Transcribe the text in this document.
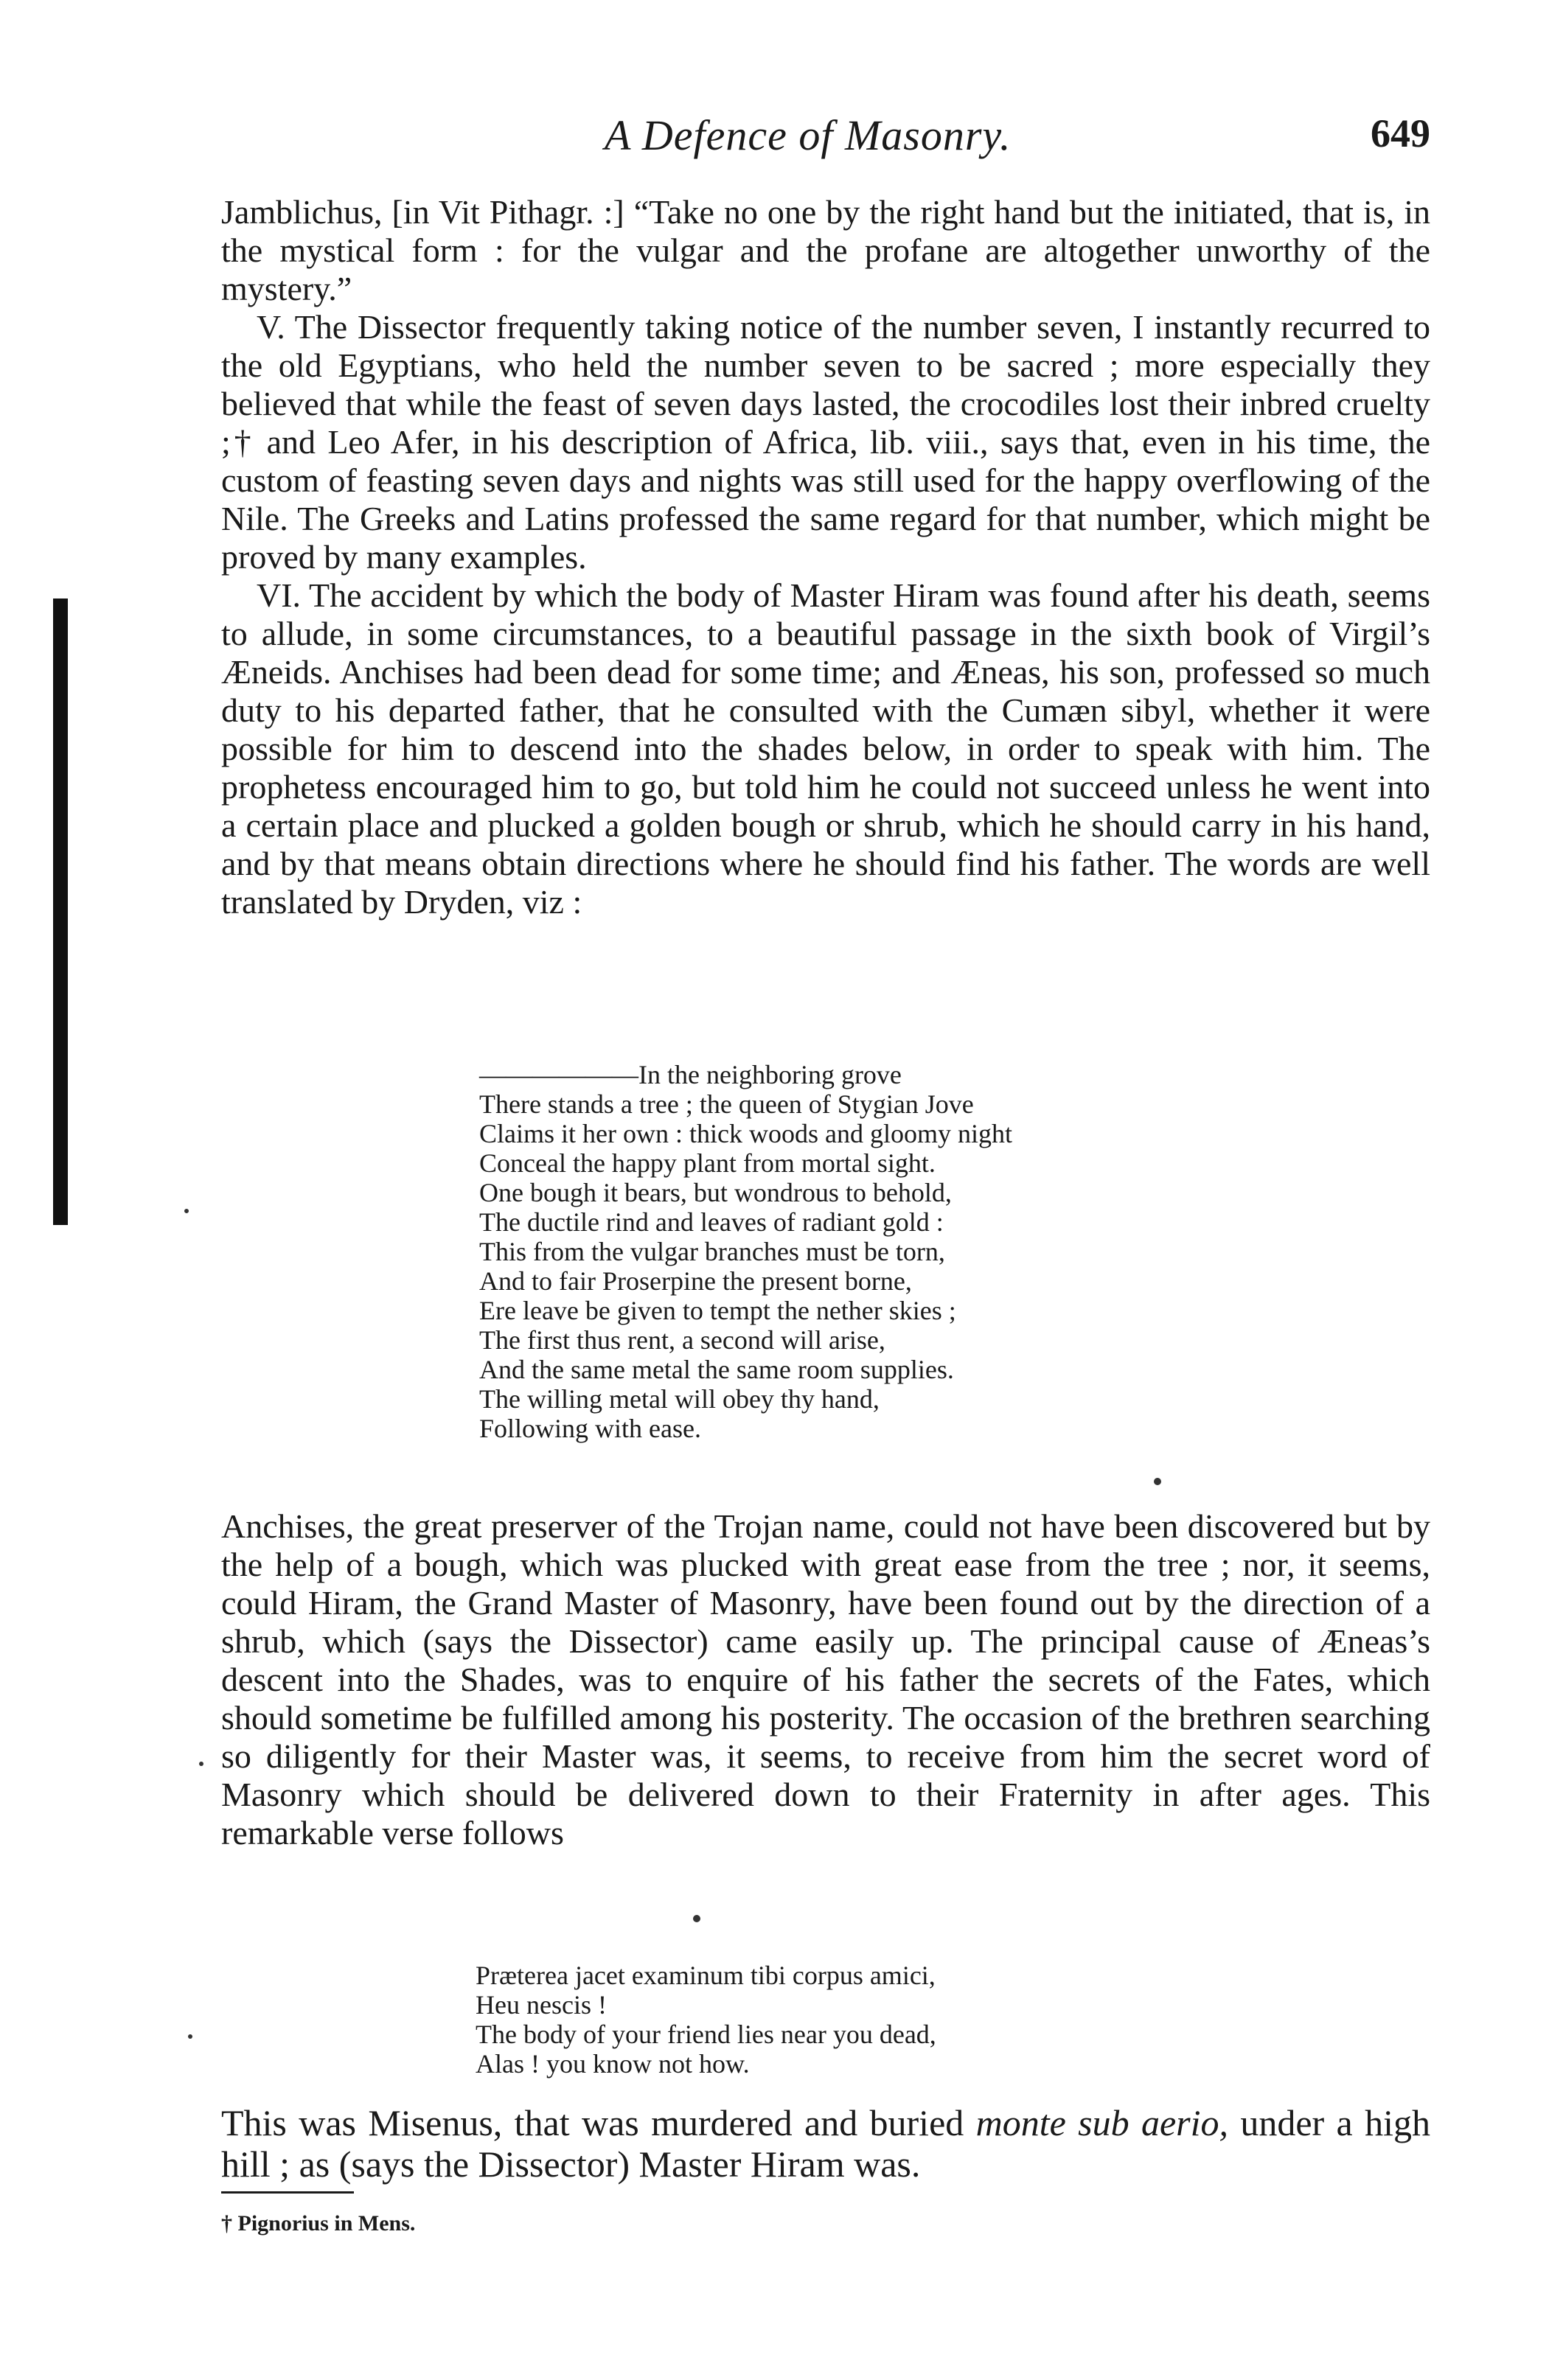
A Defence of Masonry.	649

Jamblichus, [in Vit Pithagr. :] “Take no one by the right hand but the initiated, that is, in the mystical form : for the vulgar and the profane are altogether unworthy of the mystery.”

V. The Dissector frequently taking notice of the number seven, I instantly recurred to the old Egyptians, who held the number seven to be sacred ; more especially they believed that while the feast of seven days lasted, the crocodiles lost their inbred cruelty ;† and Leo Afer, in his description of Africa, lib. viii., says that, even in his time, the custom of feasting seven days and nights was still used for the happy overflowing of the Nile. The Greeks and Latins professed the same regard for that number, which might be proved by many examples.

VI. The accident by which the body of Master Hiram was found after his death, seems to allude, in some circumstances, to a beautiful passage in the sixth book of Virgil’s Æneids. Anchises had been dead for some time; and Æneas, his son, professed so much duty to his departed father, that he consulted with the Cumæn sibyl, whether it were possible for him to descend into the shades below, in order to speak with him. The prophetess encouraged him to go, but told him he could not succeed unless he went into a certain place and plucked a golden bough or shrub, which he should carry in his hand, and by that means obtain directions where he should find his father. The words are well translated by Dryden, viz :

——————In the neighboring grove
There stands a tree ; the queen of Stygian Jove
Claims it her own : thick woods and gloomy night
Conceal the happy plant from mortal sight.
One bough it bears, but wondrous to behold,
The ductile rind and leaves of radiant gold :
This from the vulgar branches must be torn,
And to fair Proserpine the present borne,
Ere leave be given to tempt the nether skies ;
The first thus rent, a second will arise,
And the same metal the same room supplies.
The willing metal will obey thy hand,
Following with ease.

Anchises, the great preserver of the Trojan name, could not have been discovered but by the help of a bough, which was plucked with great ease from the tree ; nor, it seems, could Hiram, the Grand Master of Masonry, have been found out by the direction of a shrub, which (says the Dissector) came easily up. The principal cause of Æneas’s descent into the Shades, was to enquire of his father the secrets of the Fates, which should sometime be fulfilled among his posterity. The occasion of the brethren searching so diligently for their Master was, it seems, to receive from him the secret word of Masonry which should be delivered down to their Fraternity in after ages. This remarkable verse follows

Præterea jacet examinum tibi corpus amici,
Heu nescis !
The body of your friend lies near you dead,
Alas ! you know not how.

This was Misenus, that was murdered and buried monte sub aerio, under a high hill ; as (says the Dissector) Master Hiram was.

† Pignorius in Mens.
